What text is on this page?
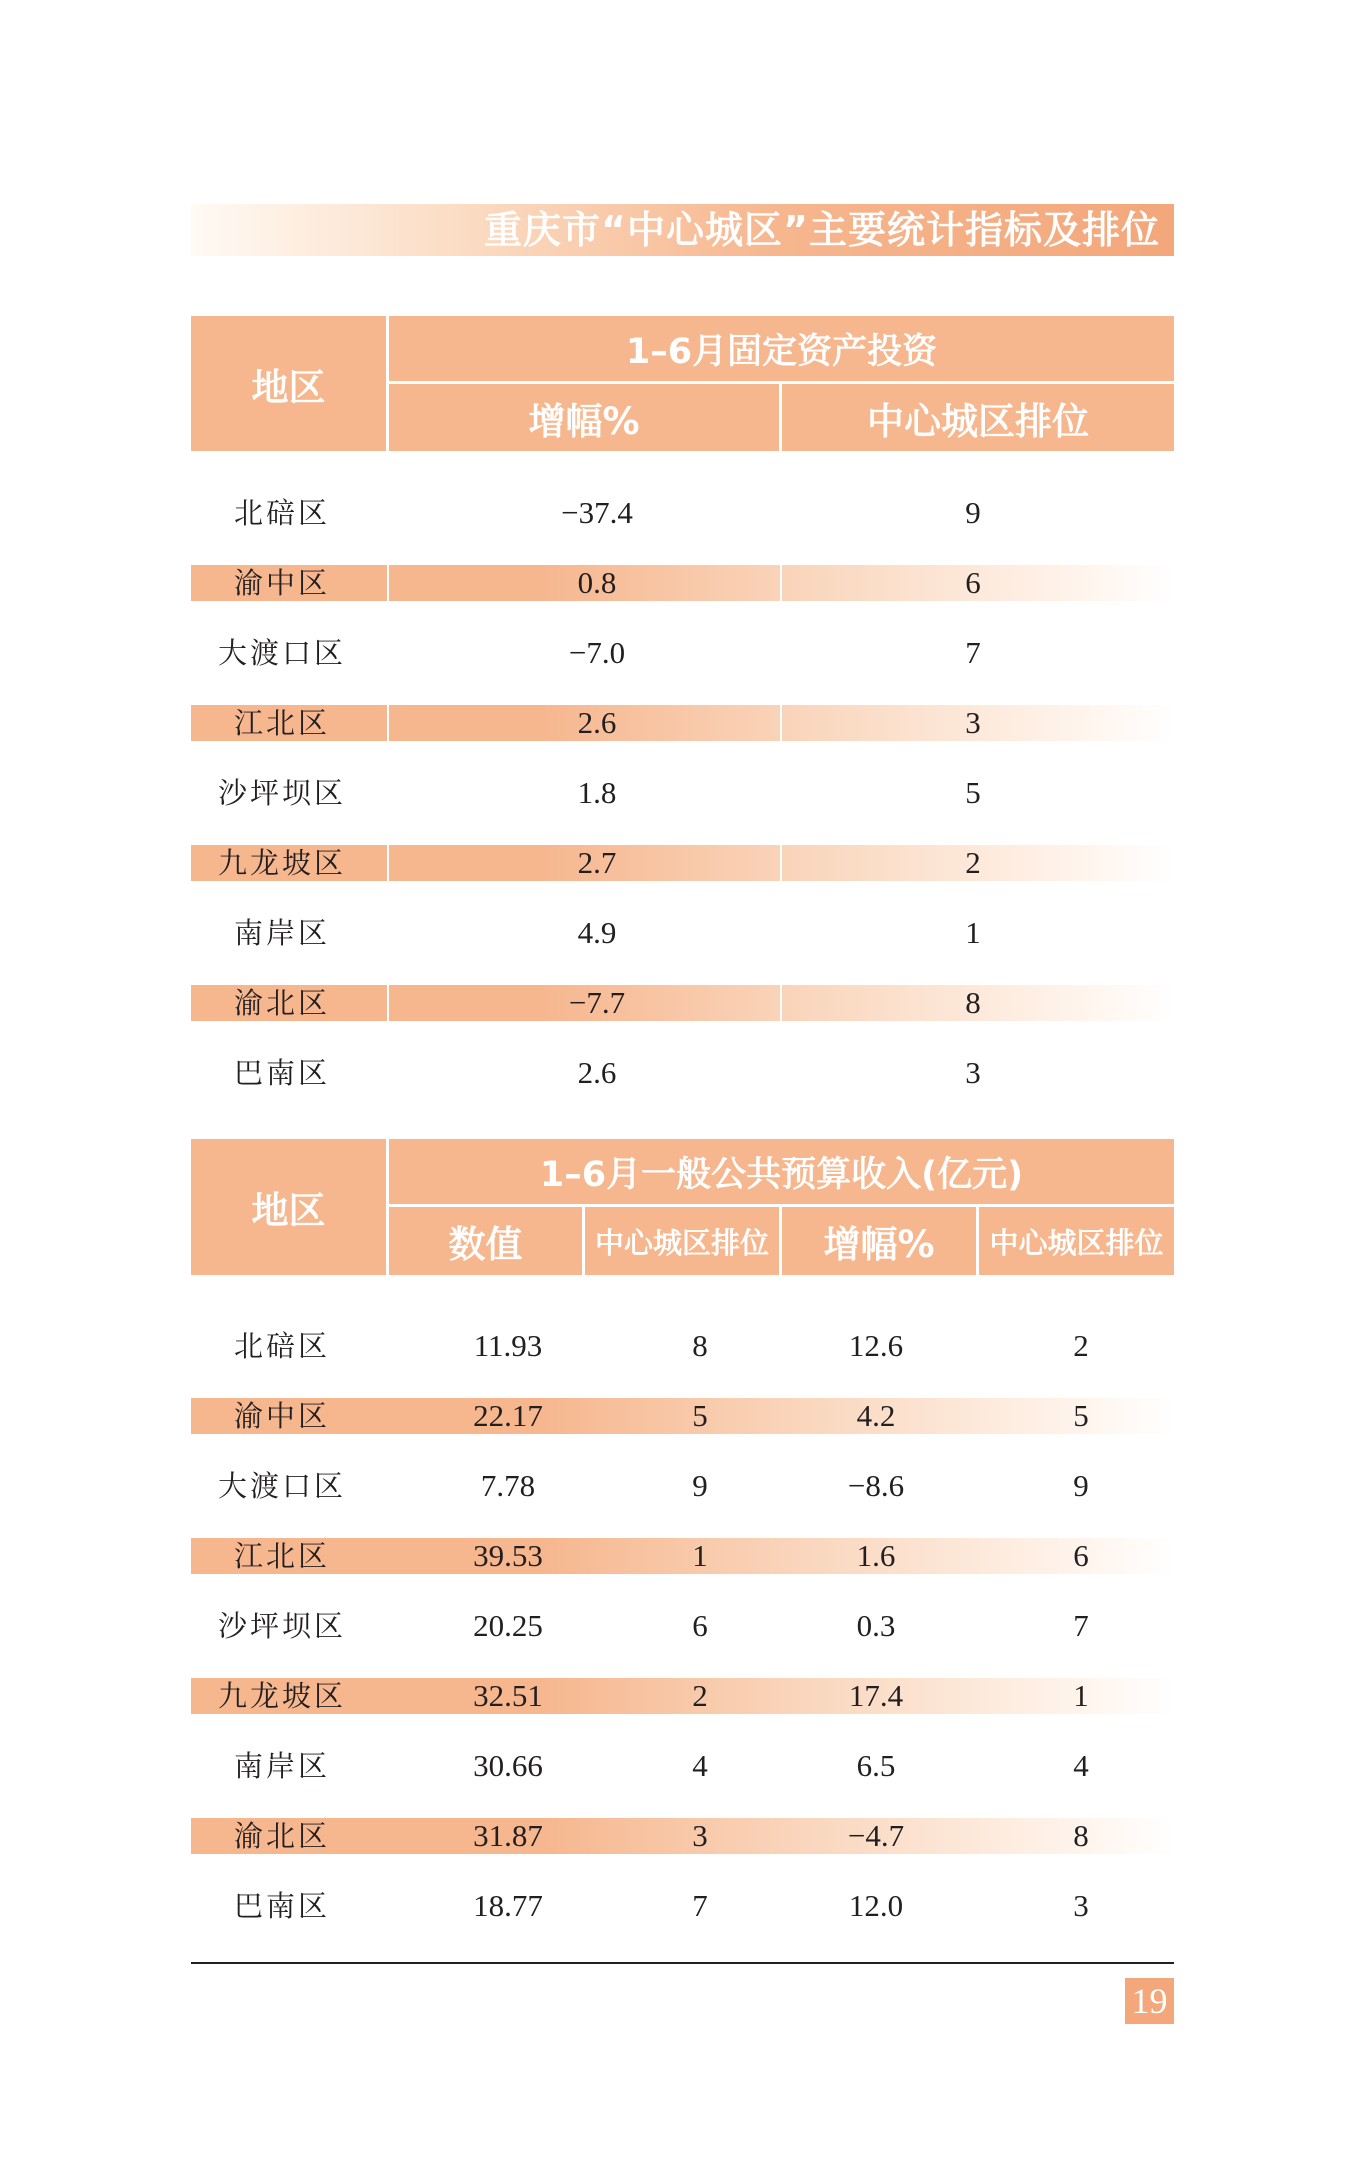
重庆市“中心城区”主要统计指标及排位
地区
1–6月固定资产投资
增幅%	中心城区排位
北碚区	−37.4	9
渝中区	0.8	6
大渡口区	−7.0	7
江北区	2.6	3
沙坪坝区	1.8	5
九龙坡区	2.7	2
南岸区	4.9	1
渝北区	−7.7	8
巴南区	2.6	3
地区
1–6月一般公共预算收入(亿元)
数值	中心城区排位	增幅%	中心城区排位
北碚区	11.93	8	12.6	2
渝中区	22.17	5	4.2	5
大渡口区	7.78	9	−8.6	9
江北区	39.53	1	1.6	6
沙坪坝区	20.25	6	0.3	7
九龙坡区	32.51	2	17.4	1
南岸区	30.66	4	6.5	4
渝北区	31.87	3	−4.7	8
巴南区	18.77	7	12.0	3
19
